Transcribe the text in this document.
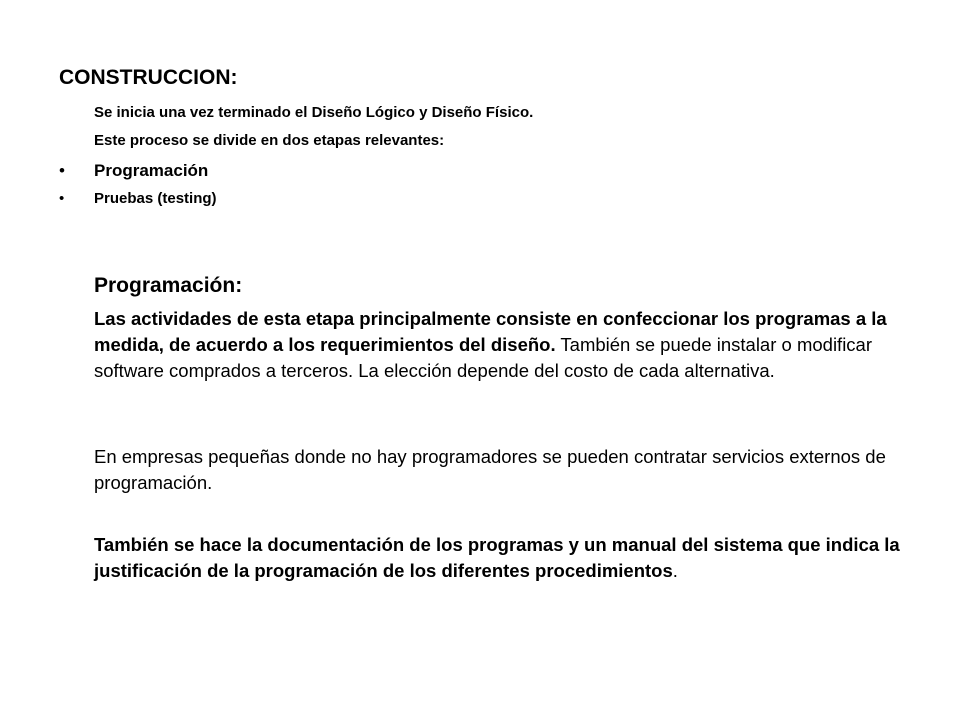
CONSTRUCCION:

Se inicia una vez terminado el Diseño Lógico y Diseño Físico.

Este proceso se divide en dos etapas relevantes:

• Programación

• Pruebas (testing)

Programación:

Las actividades de esta etapa principalmente consiste en confeccionar los programas a la medida, de acuerdo a los requerimientos del diseño. También se puede instalar o modificar software comprados a terceros. La elección depende del costo de cada alternativa.

En empresas pequeñas donde no hay programadores se pueden contratar servicios externos de programación.

También se hace la documentación de los programas y un manual del sistema que indica la justificación de la programación de los diferentes procedimientos.
